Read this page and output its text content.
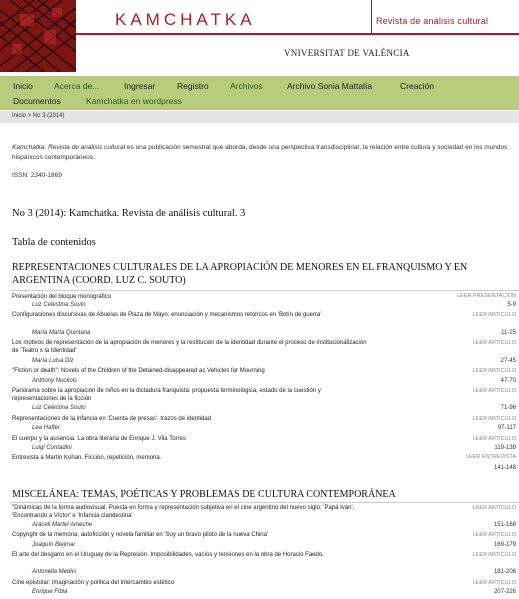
KAMCHATKA	Revista de análisis cultural
VNIVERSITAT DE VALÈNCIA
Inicio Acerca de...	Ingresar	Registro	Archivos	Archivo Sonia Mattalía	Creación
Documentos	Kamchatka en wordpress
Inicio > No 3 (2014)
Kamchatka. Revista de análisis cultural es una publicación semestral que aborda, desde una perspectiva transdisciplinar, la relación entre cultura y sociedad en los mundos hispánicos contemporáneos.
ISSN: 2340-1869
No 3 (2014): Kamchatka. Revista de análisis cultural. 3
Tabla de contenidos
REPRESENTACIONES CULTURALES DE LA APROPIACIÓN DE MENORES EN EL FRANQUISMO Y EN ARGENTINA (COORD. LUZ C. SOUTO)
Presentación del bloque monográfico	LEER PRESENTACIÓN
Luz Celestina Souto	5-9
Configuraciones discursivas de Abuelas de Plaza de Mayo: enunciación y mecanismos retóricos en 'Botín de guerra'	LEER ARTÍCULO
María Marta Quintana	11-25
Los motivos de representación de la apropiación de menores y la restitución de la identidad durante el proceso de institucionalización de 'Teatro x la Identidad'
LEER ARTÍCULO
María Luisa Diz	27-45
"Fiction or death": Novels of the Children of the Detained-disappeared as Vehicles for Mourning	LEER ARTÍCULO
Anthony Nuckols	47-70
Panorama sobre la apropiación de niños en la dictadura franquista: propuesta terminológica, estado de la cuestión y representaciones de la ficción
LEER ARTÍCULO
Luz Celestina Souto	71-96
Representaciones de la infancia en 'Cuenta de presas': trazos de identidad	LEER ARTÍCULO
Lea Hafter	97-117
El cuerpo y la ausencia. La obra literaria de Enrique J. Vila Torres	LEER ARTÍCULO
Luigi Contadini	119-139
Entrevista a Martín Kohan. Ficción, repetición, memoria.	LEER ENTREVISTA
141-148
MISCELÁNEA: TEMAS, POÉTICAS Y PROBLEMAS DE CULTURA CONTEMPORÁNEA
"Dinámicas de la forma audiovisual. Puesta en forma y representación subjetiva en el cine argentino del nuevo siglo: 'Papá Iván', 'Encontrando a Víctor' e 'Infancia clandestina'
LEER ARTÍCULO
Araceli Martel Ameche	151-168
Copyright de la memoria, autoficción y novela familiar en 'Soy un bravo piloto de la nueva China'	LEER ARTÍCULO
Joaquín Blejmar	169-179
El arte del desgarro en el Uruguay de la Represión. Imposibilidades, vacíos y tensiones en la obra de Horacio Faedo.	LEER ARTÍCULO
Antonella Medici	181-206
Cine epistolar: imaginación y política del intercambio estético	LEER ARTÍCULO
Enrique Fibla	207-226
